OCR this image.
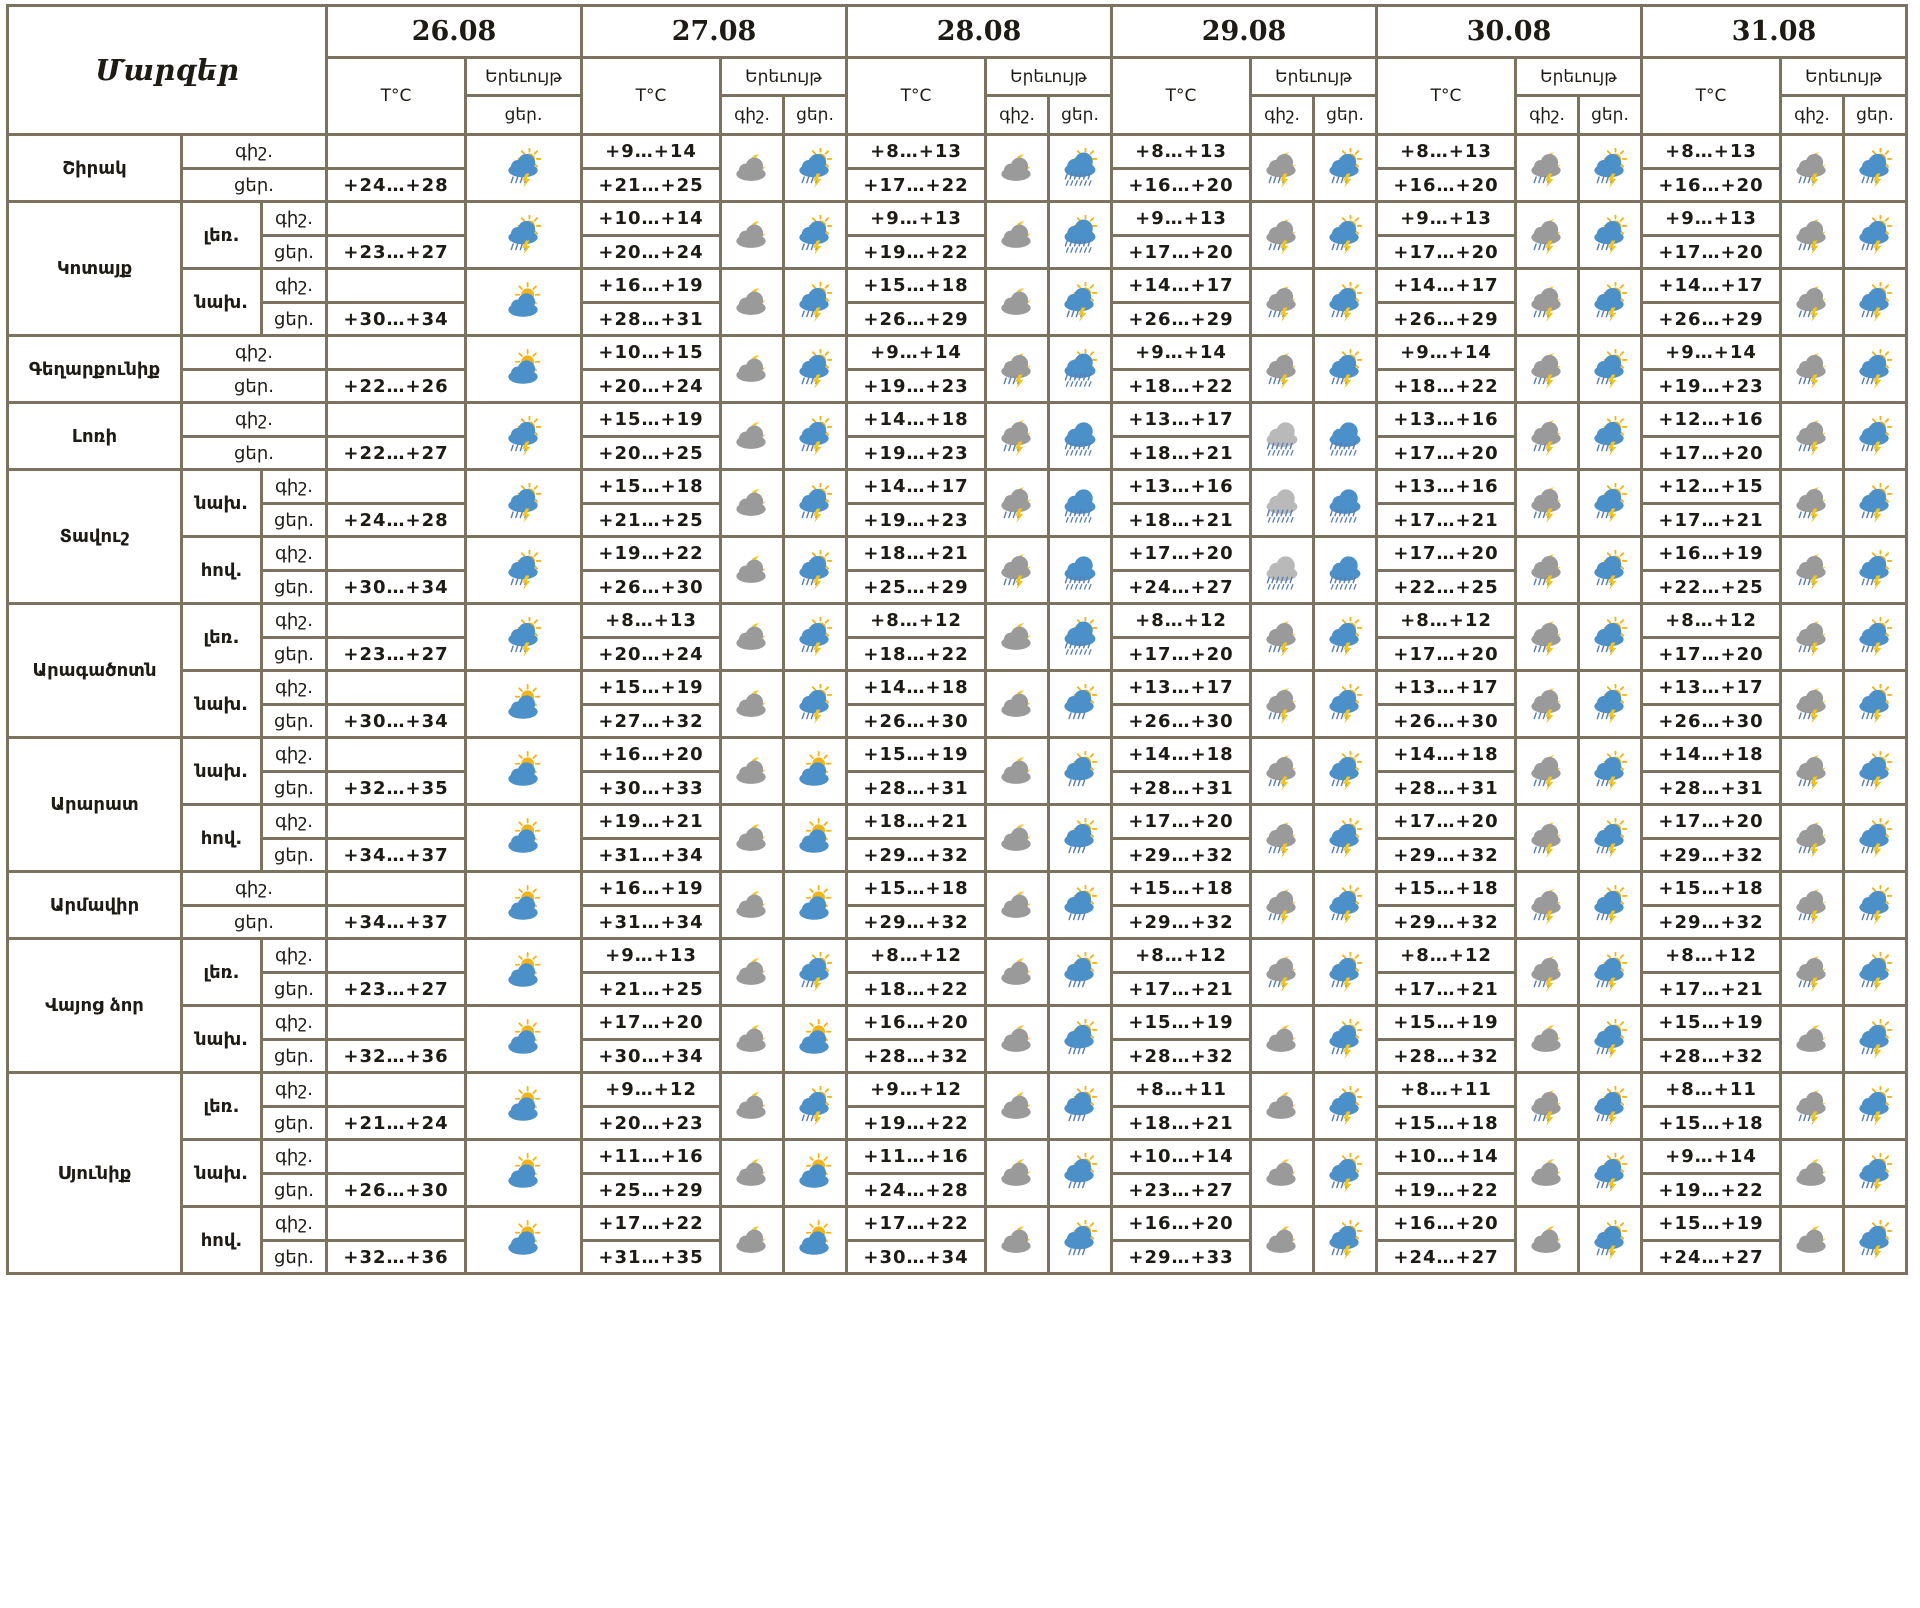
Մարզեր			26.08		27.08			28.08			29.08			30.08			31.08		
			T°C	Երեւույթ	T°C	Երեւույթ		T°C	Երեւույթ		T°C	Երեւույթ		T°C	Երեւույթ		T°C	Երեւույթ	
				ցեր.		գիշ.	ցեր.		գիշ.	ցեր.		գիշ.	ցեր.		գիշ.	ցեր.		գիշ.	ցեր.
Շիրակ	գիշ.				+9…+14			+8…+13			+8…+13			+8…+13			+8…+13	

	ցեր.		+24…+28		+21…+25			+17…+22			+16…+20			+16…+20			+16…+20		
Կոտայք	լեռ.	գիշ.			+10…+14			+9…+13			+9…+13			+9…+13			+9…+13	

		ցեր.	+23…+27		+20…+24			+19…+22			+17…+20			+17…+20			+17…+20		
	նախ.	գիշ.			+16…+19			+15…+18			+14…+17			+14…+17			+14…+17	

		ցեր.	+30…+34		+28…+31			+26…+29			+26…+29			+26…+29			+26…+29		
Գեղարքունիք	գիշ.				+10…+15			+9…+14			+9…+14			+9…+14			+9…+14	

	ցեր.		+22…+26		+20…+24			+19…+23			+18…+22			+18…+22			+19…+23		
Լոռի	գիշ.				+15…+19			+14…+18			+13…+17			+13…+16			+12…+16	

	ցեր.		+22…+27		+20…+25			+19…+23			+18…+21			+17…+20			+17…+20		
Տավուշ	նախ.	գիշ.			+15…+18			+14…+17			+13…+16			+13…+16			+12…+15	

		ցեր.	+24…+28		+21…+25			+19…+23			+18…+21			+17…+21			+17…+21		
	հով.	գիշ.			+19…+22			+18…+21			+17…+20			+17…+20			+16…+19	

		ցեր.	+30…+34		+26…+30			+25…+29			+24…+27			+22…+25			+22…+25		
Արագածոտն	լեռ.	գիշ.			+8…+13			+8…+12			+8…+12			+8…+12			+8…+12	

		ցեր.	+23…+27		+20…+24			+18…+22			+17…+20			+17…+20			+17…+20		
	նախ.	գիշ.			+15…+19			+14…+18			+13…+17			+13…+17			+13…+17	

		ցեր.	+30…+34		+27…+32			+26…+30			+26…+30			+26…+30			+26…+30		
Արարատ	նախ.	գիշ.			+16…+20			+15…+19			+14…+18			+14…+18			+14…+18	

		ցեր.	+32…+35		+30…+33			+28…+31			+28…+31			+28…+31			+28…+31		
	հով.	գիշ.			+19…+21			+18…+21			+17…+20			+17…+20			+17…+20	

		ցեր.	+34…+37		+31…+34			+29…+32			+29…+32			+29…+32			+29…+32		
Արմավիր	գիշ.				+16…+19			+15…+18			+15…+18			+15…+18			+15…+18	

	ցեր.		+34…+37		+31…+34			+29…+32			+29…+32			+29…+32			+29…+32		
Վայոց ձոր	լեռ.	գիշ.			+9…+13			+8…+12			+8…+12			+8…+12			+8…+12	

		ցեր.	+23…+27		+21…+25			+18…+22			+17…+21			+17…+21			+17…+21		
	նախ.	գիշ.			+17…+20			+16…+20			+15…+19			+15…+19			+15…+19	

		ցեր.	+32…+36		+30…+34			+28…+32			+28…+32			+28…+32			+28…+32		
Սյունիք	լեռ.	գիշ.			+9…+12			+9…+12			+8…+11			+8…+11			+8…+11	

		ցեր.	+21…+24		+20…+23			+19…+22			+18…+21			+15…+18			+15…+18		
	նախ.	գիշ.			+11…+16			+11…+16			+10…+14			+10…+14			+9…+14	

		ցեր.	+26…+30		+25…+29			+24…+28			+23…+27			+19…+22			+19…+22		
	հով.	գիշ.			+17…+22			+17…+22			+16…+20			+16…+20			+15…+19	

		ցեր.	+32…+36		+31…+35			+30…+34			+29…+33			+24…+27			+24…+27		
